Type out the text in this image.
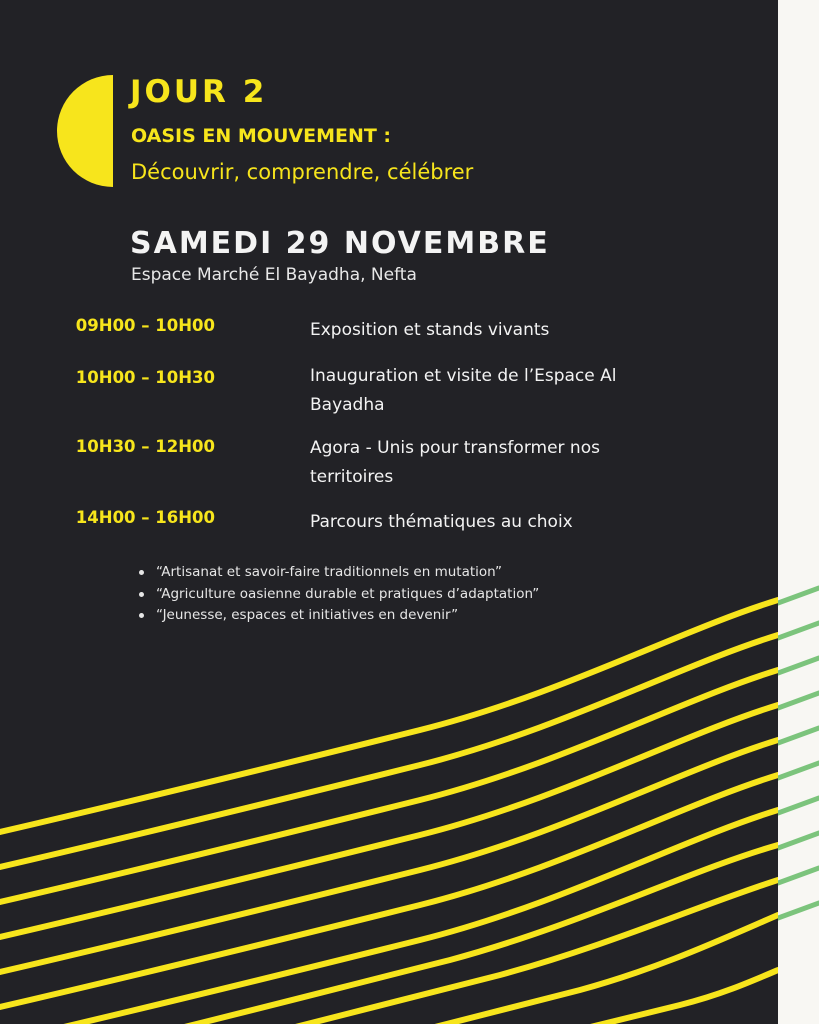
JOUR 2
OASIS EN MOUVEMENT :
Découvrir, comprendre, célébrer
SAMEDI 29 NOVEMBRE
Espace Marché El Bayadha, Nefta
09H00 – 10H00	Exposition et stands vivants
10H00 – 10H30	Inauguration et visite de l’Espace Al Bayadha
10H30 – 12H00	Agora - Unis pour transformer nos territoires
14H00 – 16H00	Parcours thématiques au choix
“Artisanat et savoir-faire traditionnels en mutation”
“Agriculture oasienne durable et pratiques d’adaptation”
“Jeunesse, espaces et initiatives en devenir”
